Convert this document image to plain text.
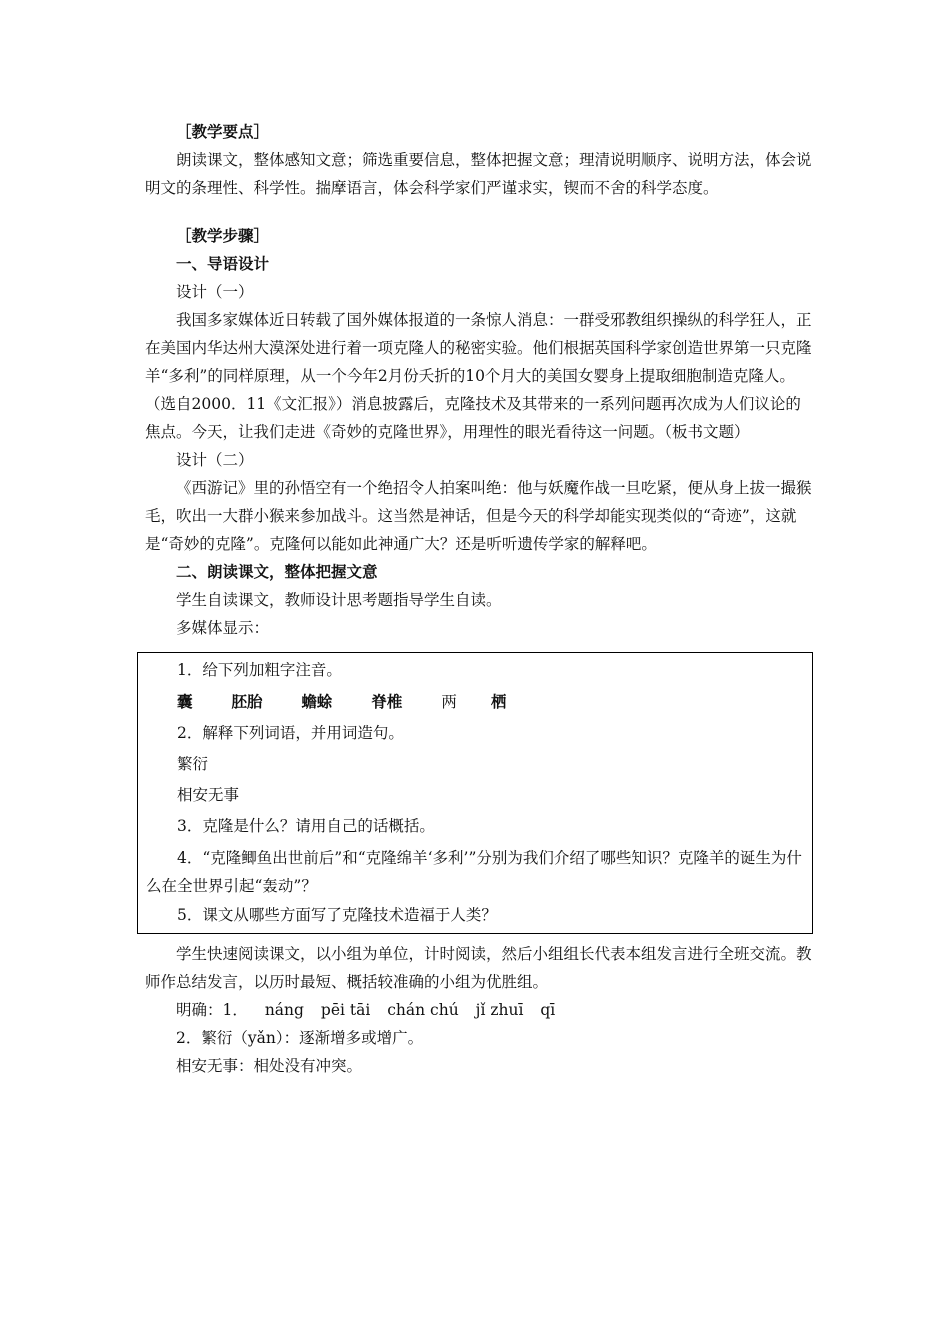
［教学要点］

朗读课文，整体感知文意；筛选重要信息，整体把握文意；理清说明顺序、说明方法，体会说明文的条理性、科学性。揣摩语言，体会科学家们严谨求实，锲而不舍的科学态度。

［教学步骤］

一、导语设计

设计（一）

我国多家媒体近日转载了国外媒体报道的一条惊人消息：一群受邪教组织操纵的科学狂人，正在美国内华达州大漠深处进行着一项克隆人的秘密实验。他们根据英国科学家创造世界第一只克隆羊“多利”的同样原理，从一个今年2月份夭折的10个月大的美国女婴身上提取细胞制造克隆人。（选自2000．11《文汇报》）消息披露后，克隆技术及其带来的一系列问题再次成为人们议论的焦点。今天，让我们走进《奇妙的克隆世界》，用理性的眼光看待这一问题。（板书文题）

设计（二）

《西游记》里的孙悟空有一个绝招令人拍案叫绝：他与妖魔作战一旦吃紧，便从身上拔一撮猴毛，吹出一大群小猴来参加战斗。这当然是神话，但是今天的科学却能实现类似的“奇迹”，这就是“奇妙的克隆”。克隆何以能如此神通广大？还是听听遗传学家的解释吧。

二、朗读课文，整体把握文意

学生自读课文，教师设计思考题指导学生自读。

多媒体显示：

1．给下列加粗字注音。

囊	胚胎	蟾蜍	脊椎	两 栖

2．解释下列词语，并用词造句。

繁衍

相安无事

3．克隆是什么？请用自己的话概括。

4．“克隆鲫鱼出世前后”和“克隆绵羊‘多利’”分别为我们介绍了哪些知识？克隆羊的诞生为什么在全世界引起“轰动”？

5．课文从哪些方面写了克隆技术造福于人类？

学生快速阅读课文，以小组为单位，计时阅读，然后小组组长代表本组发言进行全班交流。教师作总结发言，以历时最短、概括较准确的小组为优胜组。

明确：1． náng pēi tāi chán chú jǐ zhuī qī

2．繁衍（yǎn）：逐渐增多或增广。

相安无事：相处没有冲突。
